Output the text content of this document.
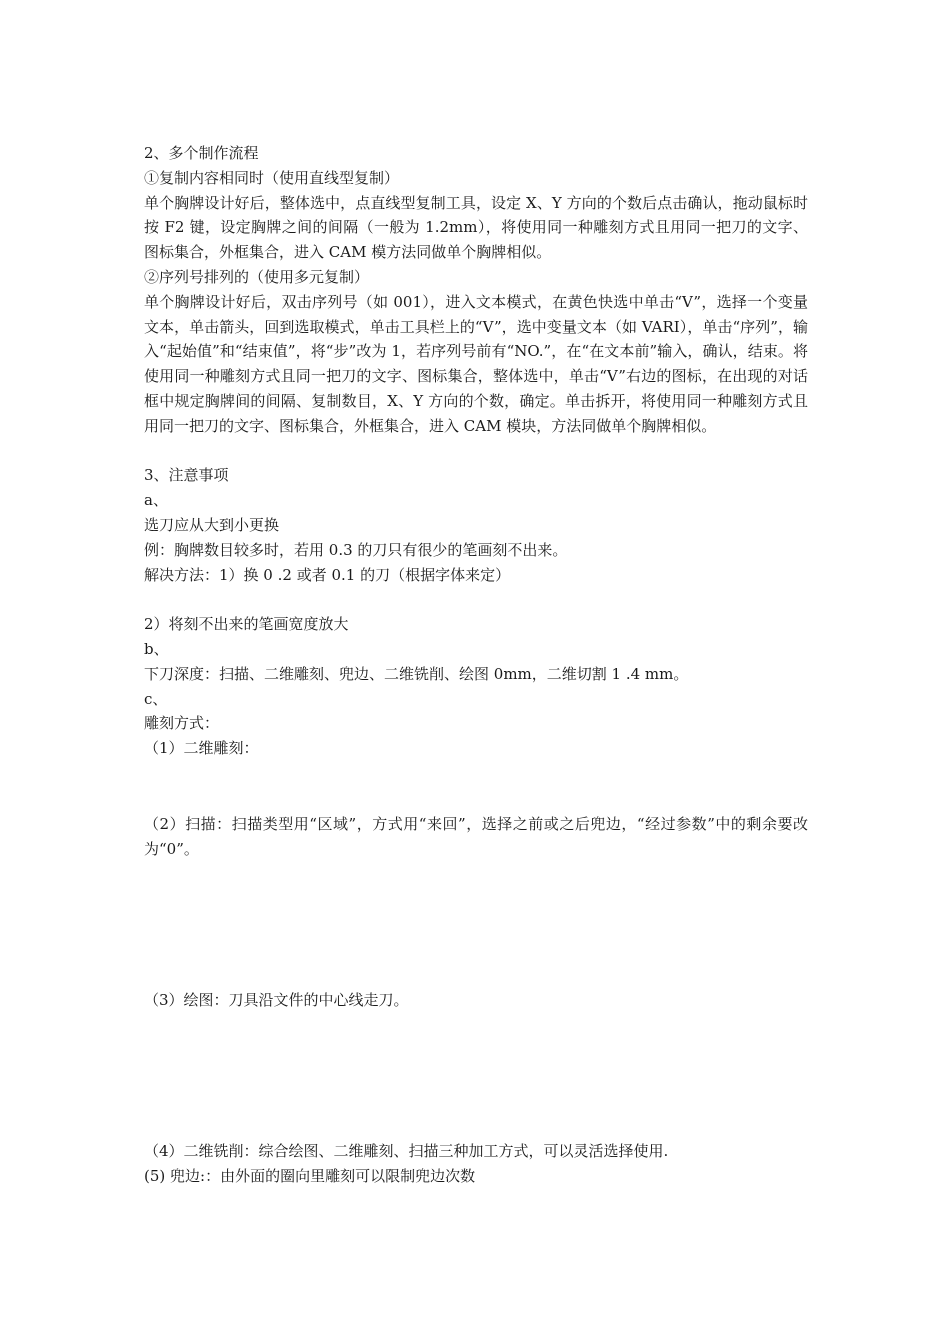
2、多个制作流程

①复制内容相同时（使用直线型复制）

单个胸牌设计好后，整体选中，点直线型复制工具，设定 X、Y 方向的个数后点击确认，拖动鼠标时按 F2 键，设定胸牌之间的间隔（一般为 1.2mm），将使用同一种雕刻方式且用同一把刀的文字、图标集合，外框集合，进入 CAM 模方法同做单个胸牌相似。

②序列号排列的（使用多元复制）

单个胸牌设计好后，双击序列号（如 001），进入文本模式，在黄色快选中单击“V”，选择一个变量文本，单击箭头，回到选取模式，单击工具栏上的“V”，选中变量文本（如 VARI），单击“序列”，输入“起始值”和“结束值”，将“步”改为 1，若序列号前有“NO.”，在“在文本前”输入，确认，结束。将使用同一种雕刻方式且同一把刀的文字、图标集合，整体选中，单击“V”右边的图标，在出现的对话框中规定胸牌间的间隔、复制数目，X、Y 方向的个数，确定。单击拆开，将使用同一种雕刻方式且用同一把刀的文字、图标集合，外框集合，进入 CAM 模块，方法同做单个胸牌相似。

3、注意事项

a、

选刀应从大到小更换

例：胸牌数目较多时，若用 0.3 的刀只有很少的笔画刻不出来。

解决方法：1）换 0 .2 或者 0.1 的刀（根据字体来定）

2）将刻不出来的笔画宽度放大

b、

下刀深度：扫描、二维雕刻、兜边、二维铣削、绘图 0mm，二维切割 1 .4 mm。

c、

雕刻方式：

（1）二维雕刻：

（2）扫描：扫描类型用“区域”，方式用“来回”，选择之前或之后兜边，“经过参数”中的剩余要改为“0”。

（3）绘图：刀具沿文件的中心线走刀。

（4）二维铣削：综合绘图、二维雕刻、扫描三种加工方式，可以灵活选择使用.

(5) 兜边:：由外面的圈向里雕刻可以限制兜边次数
